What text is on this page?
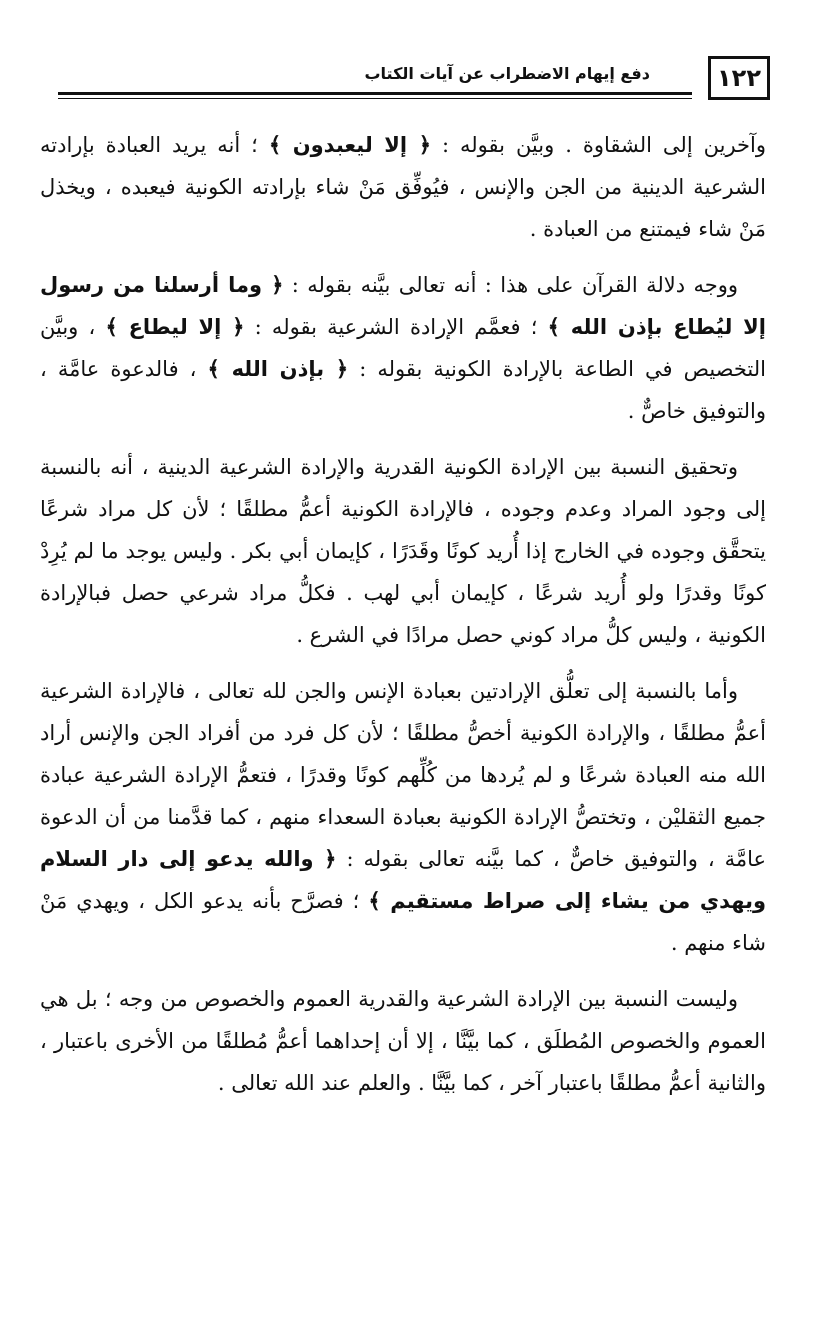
١٢٢
دفع إيهام الاضطراب عن آيات الكتاب

وآخرين إلى الشقاوة . وبيَّن بقوله : ﴿ إلا ليعبدون ﴾ ؛ أنه يريد العبادة بإرادته الشرعية الدينية من الجن والإنس ، فيُوفِّق مَنْ شاء بإرادته الكونية فيعبده ، ويخذل مَنْ شاء فيمتنع من العبادة .

ووجه دلالة القرآن على هذا : أنه تعالى بيَّنه بقوله : ﴿ وما أرسلنا من رسول إلا ليُطاع بإذن الله ﴾ ؛ فعمَّم الإرادة الشرعية بقوله : ﴿ إلا ليطاع ﴾ ، وبيَّن التخصيص في الطاعة بالإرادة الكونية بقوله : ﴿ بإذن الله ﴾ ، فالدعوة عامَّة ، والتوفيق خاصٌّ .

وتحقيق النسبة بين الإرادة الكونية القدرية والإرادة الشرعية الدينية ، أنه بالنسبة إلى وجود المراد وعدم وجوده ، فالإرادة الكونية أعمُّ مطلقًا ؛ لأن كل مراد شرعًا يتحقَّق وجوده في الخارج إذا أُريد كونًا وقَدَرًا ، كإيمان أبي بكر . وليس يوجد ما لم يُرِدْ كونًا وقدرًا ولو أُريد شرعًا ، كإيمان أبي لهب . فكلُّ مراد شرعي حصل فبالإرادة الكونية ، وليس كلُّ مراد كوني حصل مرادًا في الشرع .

وأما بالنسبة إلى تعلُّق الإرادتين بعبادة الإنس والجن لله تعالى ، فالإرادة الشرعية أعمُّ مطلقًا ، والإرادة الكونية أخصُّ مطلقًا ؛ لأن كل فرد من أفراد الجن والإنس أراد الله منه العبادة شرعًا و لم يُردها من كُلِّهم كونًا وقدرًا ، فتعمُّ الإرادة الشرعية عبادة جميع الثقليْن ، وتختصُّ الإرادة الكونية بعبادة السعداء منهم ، كما قدَّمنا من أن الدعوة عامَّة ، والتوفيق خاصٌّ ، كما بيَّنه تعالى بقوله : ﴿ والله يدعو إلى دار السلام ويهدي من يشاء إلى صراط مستقيم ﴾ ؛ فصرَّح بأنه يدعو الكل ، ويهدي مَنْ شاء منهم .

وليست النسبة بين الإرادة الشرعية والقدرية العموم والخصوص من وجه ؛ بل هي العموم والخصوص المُطلَق ، كما بيَّنَّا ، إلا أن إحداهما أعمُّ مُطلقًا من الأخرى باعتبار ، والثانية أعمُّ مطلقًا باعتبار آخر ، كما بيَّنَّا . والعلم عند الله تعالى .
